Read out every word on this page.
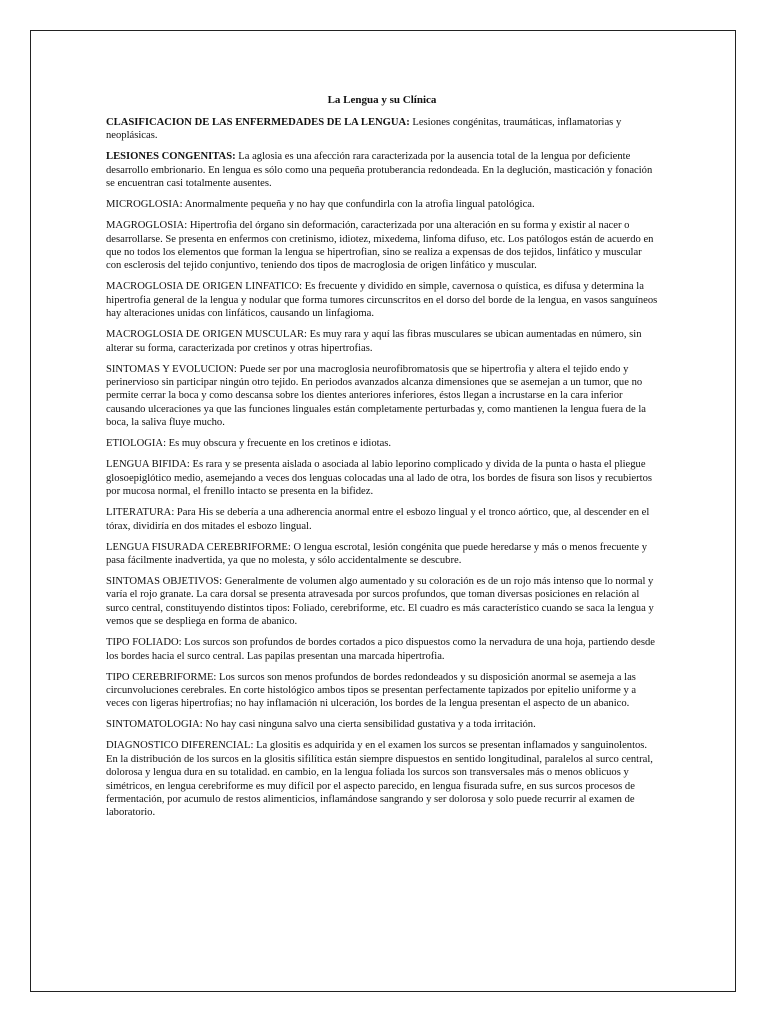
La Lengua y su Clínica

CLASIFICACION DE LAS ENFERMEDADES DE LA LENGUA: Lesiones congénitas, traumáticas, inflamatorias y neoplásicas.

LESIONES CONGENITAS: La aglosia es una afección rara caracterizada por la ausencia total de la lengua por deficiente desarrollo embrionario. En lengua es sólo como una pequeña protuberancia redondeada. En la deglución, masticación y fonación se encuentran casi totalmente ausentes.

MICROGLOSIA: Anormalmente pequeña y no hay que confundirla con la atrofia lingual patológica.

MAGROGLOSIA: Hipertrofia del órgano sin deformación, caracterizada por una alteración en su forma y existir al nacer o desarrollarse. Se presenta en enfermos con cretinismo, idiotez, mixedema, linfoma difuso, etc. Los patólogos están de acuerdo en que no todos los elementos que forman la lengua se hipertrofian, sino se realiza a expensas de dos tejidos, linfático y muscular con esclerosis del tejido conjuntivo, teniendo dos tipos de macroglosia de origen linfático y muscular.

MACROGLOSIA DE ORIGEN LINFATICO: Es frecuente y dividido en simple, cavernosa o quística, es difusa y determina la hipertrofia general de la lengua y nodular que forma tumores circunscritos en el dorso del borde de la lengua, en vasos sanguíneos hay alteraciones unidas con linfáticos, causando un linfagioma.

MACROGLOSIA DE ORIGEN MUSCULAR: Es muy rara y aquí las fibras musculares se ubican aumentadas en número, sin alterar su forma, caracterizada por cretinos y otras hipertrofias.

SINTOMAS Y EVOLUCION: Puede ser por una macroglosia neurofibromatosis que se hipertrofia y altera el tejido endo y perinervioso sin participar ningún otro tejido. En periodos avanzados alcanza dimensiones que se asemejan a un tumor, que no permite cerrar la boca y como descansa sobre los dientes anteriores inferiores, éstos llegan a incrustarse en la cara inferior causando ulceraciones ya que las funciones linguales están completamente perturbadas y, como mantienen la lengua fuera de la boca, la saliva fluye mucho.

ETIOLOGIA: Es muy obscura y frecuente en los cretinos e idiotas.

LENGUA BIFIDA: Es rara y se presenta aislada o asociada al labio leporino complicado y divida de la punta o hasta el pliegue glosoepiglótico medio, asemejando a veces dos lenguas colocadas una al lado de otra, los bordes de fisura son lisos y recubiertos por mucosa normal, el frenillo intacto se presenta en la bifidez.

LITERATURA: Para His se debería a una adherencia anormal entre el esbozo lingual y el tronco aórtico, que, al descender en el tórax, dividiría en dos mitades el esbozo lingual.

LENGUA FISURADA CEREBRIFORME: O lengua escrotal, lesión congénita que puede heredarse y más o menos frecuente y pasa fácilmente inadvertida, ya que no molesta, y sólo accidentalmente se descubre.

SINTOMAS OBJETIVOS: Generalmente de volumen algo aumentado y su coloración es de un rojo más intenso que lo normal y varía el rojo granate. La cara dorsal se presenta atravesada por surcos profundos, que toman diversas posiciones en relación al surco central, constituyendo distintos tipos: Foliado, cerebriforme, etc. El cuadro es más característico cuando se saca la lengua y vemos que se despliega en forma de abanico.

TIPO FOLIADO: Los surcos son profundos de bordes cortados a pico dispuestos como la nervadura de una hoja, partiendo desde los bordes hacia el surco central. Las papilas presentan una marcada hipertrofia.

TIPO CEREBRIFORME: Los surcos son menos profundos de bordes redondeados y su disposición anormal se asemeja a las circunvoluciones cerebrales. En corte histológico ambos tipos se presentan perfectamente tapizados por epitelio uniforme y a veces con ligeras hipertrofias; no hay inflamación ni ulceración, los bordes de la lengua presentan el aspecto de un abanico.

SINTOMATOLOGIA: No hay casi ninguna salvo una cierta sensibilidad gustativa y a toda irritación.

DIAGNOSTICO DIFERENCIAL: La glositis es adquirida y en el examen los surcos se presentan inflamados y sanguinolentos. En la distribución de los surcos en la glositis sifilítica están siempre dispuestos en sentido longitudinal, paralelos al surco central, dolorosa y lengua dura en su totalidad. en cambio, en la lengua foliada los surcos son transversales más o menos oblicuos y simétricos, en lengua cerebriforme es muy difícil por el aspecto parecido, en lengua fisurada sufre, en sus surcos procesos de fermentación, por acumulo de restos alimenticios, inflamándose sangrando y ser dolorosa y solo puede recurrir al examen de laboratorio.
